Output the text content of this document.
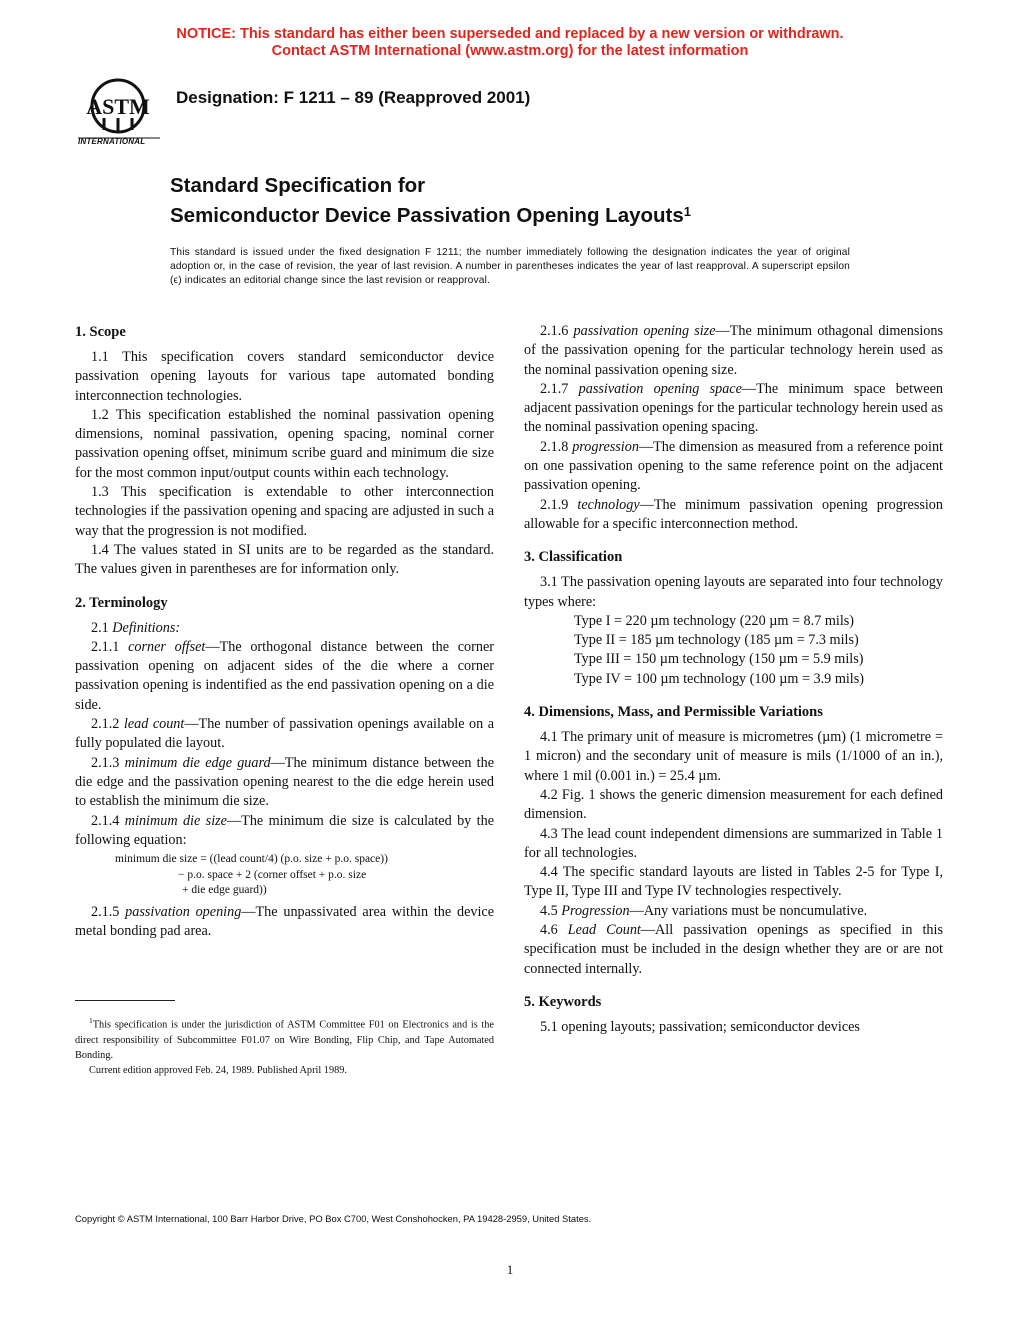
NOTICE: This standard has either been superseded and replaced by a new version or withdrawn.
Contact ASTM International (www.astm.org) for the latest information
ASTM
INTERNATIONAL
Designation: F 1211 – 89 (Reapproved 2001)
Standard Specification for
Semiconductor Device Passivation Opening Layouts$^1$
This standard is issued under the fixed designation F 1211; the number immediately following the designation indicates the year of original adoption or, in the case of revision, the year of last revision. A number in parentheses indicates the year of last reapproval. A superscript epsilon (ϵ) indicates an editorial change since the last revision or reapproval.
1. Scope

1.1 This specification covers standard semiconductor device passivation opening layouts for various tape automated bonding interconnection technologies.

1.2 This specification established the nominal passivation opening dimensions, nominal passivation, opening spacing, nominal corner passivation opening offset, minimum scribe guard and minimum die size for the most common input/output counts within each technology.

1.3 This specification is extendable to other interconnection technologies if the passivation opening and spacing are adjusted in such a way that the progression is not modified.

1.4 The values stated in SI units are to be regarded as the standard. The values given in parentheses are for information only.

2. Terminology

2.1 Definitions:

2.1.1 corner offset—The orthogonal distance between the corner passivation opening on adjacent sides of the die where a corner passivation opening is indentified as the end passivation opening on a die side.

2.1.2 lead count—The number of passivation openings available on a fully populated die layout.

2.1.3 minimum die edge guard—The minimum distance between the die edge and the passivation opening nearest to the die edge herein used to establish the minimum die size.

2.1.4 minimum die size—The minimum die size is calculated by the following equation:

minimum die size = ((lead count/4) (p.o. size + p.o. space))
− p.o. space + 2 (corner offset + p.o. size
+ die edge guard))

2.1.5 passivation opening—The unpassivated area within the device metal bonding pad area.

2.1.6 passivation opening size—The minimum othagonal dimensions of the passivation opening for the particular technology herein used as the nominal passivation opening size.

2.1.7 passivation opening space—The minimum space between adjacent passivation openings for the particular technology herein used as the nominal passivation opening spacing.

2.1.8 progression—The dimension as measured from a reference point on one passivation opening to the same reference point on the adjacent passivation opening.

2.1.9 technology—The minimum passivation opening progression allowable for a specific interconnection method.

3. Classification

3.1 The passivation opening layouts are separated into four technology types where:

Type I = 220 µm technology (220 µm = 8.7 mils)
Type II = 185 µm technology (185 µm = 7.3 mils)
Type III = 150 µm technology (150 µm = 5.9 mils)
Type IV = 100 µm technology (100 µm = 3.9 mils)
4. Dimensions, Mass, and Permissible Variations

4.1 The primary unit of measure is micrometres (µm) (1 micrometre = 1 micron) and the secondary unit of measure is mils (1/1000 of an in.), where 1 mil (0.001 in.) = 25.4 µm.

4.2 Fig. 1 shows the generic dimension measurement for each defined dimension.

4.3 The lead count independent dimensions are summarized in Table 1 for all technologies.

4.4 The specific standard layouts are listed in Tables 2-5 for Type I, Type II, Type III and Type IV technologies respectively.

4.5 Progression—Any variations must be noncumulative.

4.6 Lead Count—All passivation openings as specified in this specification must be included in the design whether they are or are not connected internally.

5. Keywords

5.1 opening layouts; passivation; semiconductor devices

$^1$This specification is under the jurisdiction of ASTM Committee F01 on Electronics and is the direct responsibility of Subcommittee F01.07 on Wire Bonding, Flip Chip, and Tape Automated Bonding.

Current edition approved Feb. 24, 1989. Published April 1989.

Copyright © ASTM International, 100 Barr Harbor Drive, PO Box C700, West Conshohocken, PA 19428-2959, United States.
1
